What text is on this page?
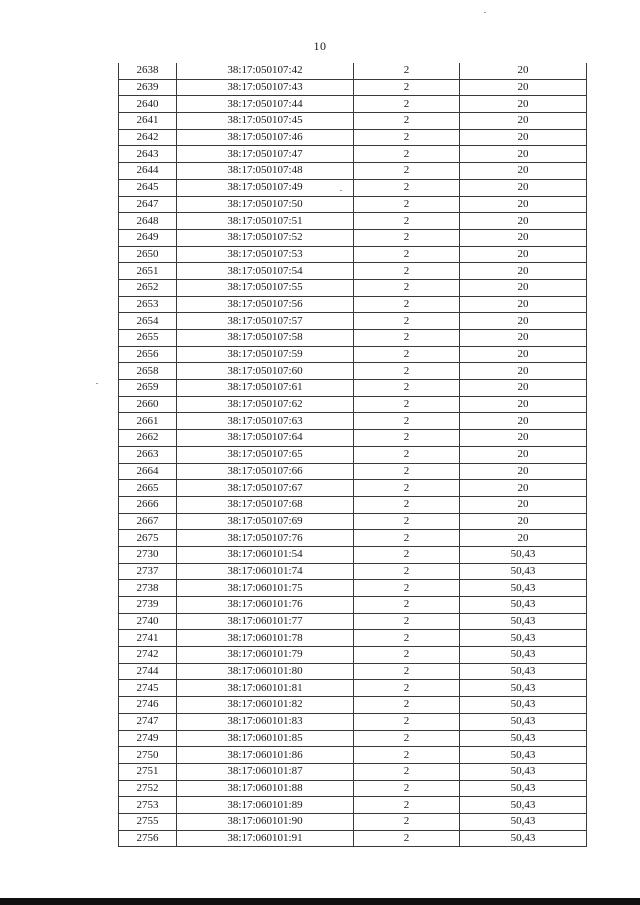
10
2638	38:17:050107:42	2	20
2639	38:17:050107:43	2	20
2640	38:17:050107:44	2	20
2641	38:17:050107:45	2	20
2642	38:17:050107:46	2	20
2643	38:17:050107:47	2	20
2644	38:17:050107:48	2	20
2645	38:17:050107:49	2	20
2647	38:17:050107:50	2	20
2648	38:17:050107:51	2	20
2649	38:17:050107:52	2	20
2650	38:17:050107:53	2	20
2651	38:17:050107:54	2	20
2652	38:17:050107:55	2	20
2653	38:17:050107:56	2	20
2654	38:17:050107:57	2	20
2655	38:17:050107:58	2	20
2656	38:17:050107:59	2	20
2658	38:17:050107:60	2	20
2659	38:17:050107:61	2	20
2660	38:17:050107:62	2	20
2661	38:17:050107:63	2	20
2662	38:17:050107:64	2	20
2663	38:17:050107:65	2	20
2664	38:17:050107:66	2	20
2665	38:17:050107:67	2	20
2666	38:17:050107:68	2	20
2667	38:17:050107:69	2	20
2675	38:17:050107:76	2	20
2730	38:17:060101:54	2	50,43
2737	38:17:060101:74	2	50,43
2738	38:17:060101:75	2	50,43
2739	38:17:060101:76	2	50,43
2740	38:17:060101:77	2	50,43
2741	38:17:060101:78	2	50,43
2742	38:17:060101:79	2	50,43
2744	38:17:060101:80	2	50,43
2745	38:17:060101:81	2	50,43
2746	38:17:060101:82	2	50,43
2747	38:17:060101:83	2	50,43
2749	38:17:060101:85	2	50,43
2750	38:17:060101:86	2	50,43
2751	38:17:060101:87	2	50,43
2752	38:17:060101:88	2	50,43
2753	38:17:060101:89	2	50,43
2755	38:17:060101:90	2	50,43
2756	38:17:060101:91	2	50,43
